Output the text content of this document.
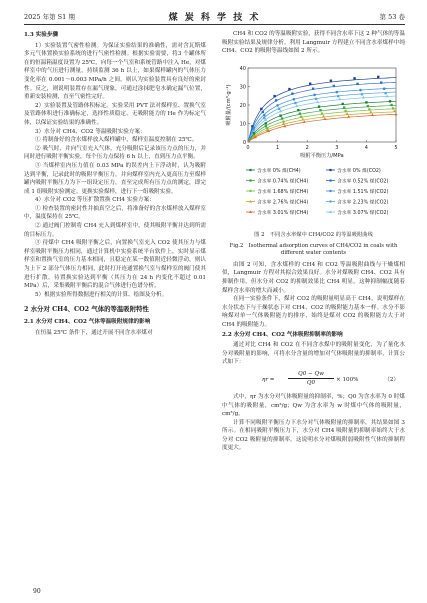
2025 年第 S1 期	煤 炭 科 学 技 术	第 53 卷
1.3 实验步骤

1）实验装置气密性检测。为保证实验结果的准确性，需对含瓦斯煤多元气体置换实验系统的进行气密性检测。根据实验需要，将3 个罐体所在的恒温箱温度设置为 25℃，向每一个气室和系统管路中注入 He，对煤样室中的气压进行测量，持续监测 36 h 以上，如果煤样罐内的气体压力变化率在 0.001～0.003 MPa/h 之间，则认为实验装置具有良好的密封性。反之，则说明装置存在漏气现象，可通过涂抹肥皂水确定漏气位置，重新安装检测，直至气密性完好。

2）实验装置及管路体积标定。实验采用 PVT 法对煤样室、置换气室及管路体积进行准确标定，选择性质稳定、无吸附能力的 He 作为标定气体，以保证实验结果的准确性。

3）水分对 CH4、CO2 等温吸附实验方案：

① 将制备好的含水煤样放入煤样罐中，煤样室温度控制在 25℃。

② 吸气时，并向气室充入气体，充分吸附后记录该压力点的压力，并同时进行吸附平衡实验，每个压力点保持 6 h 以上，直到压力点平衡。

③ 当煤样室内压力值在 0.03 MPa 的误差内上下浮动时，认为吸附达到平衡，记录此时的吸附平衡压力，并向煤样室内充入更高压力至煤样罐内吸附平衡压力为下一组设定压力，直至完成所有压力点的测定，即完成 1 组吸附实验测定。更换实验煤样，进行下一组吸附实验。

4）水分对 CO2 等压扩散置换 CH4 实验方案：

① 检查装置的密封性并抽真空之后，将准备好的含水煤样放入煤样室中，温度保持在 25℃。

② 通过阀门控制将 CH4 充入到煤样室中，使其吸附平衡并达到所需的目标压力。

③ 待煤中 CH4 吸附平衡之后，向置换气室充入 CO2 使其压力与煤样室吸附平衡压力相同，通过计算机中实验系统平台软件上，实时显示煤样室和置换气室的压力基本相同，且稳定在某一数值附近轻微浮动，则认为上下 2 部分气体压力相同，此时打开连通置换气室与煤样室的阀门使其进行扩散。待置换实验达到平衡（其压力在 24 h 内变化不超过 0.01 MPa）后，采集吸附平衡后的混合气体进行色谱分析。

5）根据实验所得数据进行相关的计算、绘图及分析。

2 水分对 CH4、CO2 气体的等温吸附特性
2.1 水分对 CH4、CO2 气体等温吸附规律的影响

在恒温 25℃ 条件下，通过开展不同含水率煤对

CH4 和 CO2 的等温吸附实验，获得不同含水率下这 2 种气体的等温吸附实验结果及规律分析。利用 Langmuir 方程建立不同含水率煤样中纯 CH4、CO2 的吸附等温线如图 2 所示。

0	1	2	3	4	5
0
10
20
30
40
吸附平衡压力/MPa
吸附量/(cm³·g⁻¹)
含水率 0% 煤(CO2)
含水率 0.52% 煤(CO2)
含水率 1.51% 煤(CO2)
含水率 2.23% 煤(CO2)
含水率 3.07% 煤(CO2)
含水率 0% 煤(CH4)
含水率 0.74% 煤(CH4)
含水率 1.68% 煤(CH4)
含水率 2.76% 煤(CH4)
含水率 3.01% 煤(CH4)

图 2　不同含水率煤中 CH4/CO2 的等温吸附曲线

Fig.2　Isothermal adsorption curves of CH4/CO2 in coals with different water contents

由图 2 可知，含水煤样的 CH4 和 CO2 等温吸附曲线与干燥煤相似，Langmuir 方程对其拟合效果良好。水分对煤吸附 CH4、CO2 具有抑制作用，但水分对 CO2 的抑制效果比 CH4 明显，这种抑制幅度随着煤样含水率的增大而减小。

在同一实验条件下，煤对 CO2 的吸附量明显高于 CH4，说明煤样在水分状态下与干燥状态下对 CH4、CO2 的吸附能力基本一样。水分不影响煤对单一气体吸附能力的排序，始终是煤对 CO2 的吸附能力大于对 CH4 的吸附能力。

2.2 水分对 CH4、CO2 气体吸附抑制率的影响

通过对比 CH4 和 CO2 在不同含水煤中的吸附量变化，为了量化水分对吸附量的影响，可将水分含量的增加对气体吸附量的抑制率，计算公式如下：

$\eta r = \frac{Q0 - Qw}{Q0} \times 100\%$	（2）

式中，ηr 为水分对气体吸附量的抑制率，%；Q0 为含水率为 0 时煤中气体的吸附量，cm³/g；Qw 为含水率为 w 时煤中气体的吸附量，cm³/g。

计算不同吸附平衡压力下水分对气体吸附量的抑制率，其结果如图 3 所示。在相同吸附平衡压力下，水分对 CH4 吸附量的抑制率始终大于水分对 CO2 吸附量的抑制率，这说明水分对煤吸附弱吸附性气体的抑制程度更大。

90
